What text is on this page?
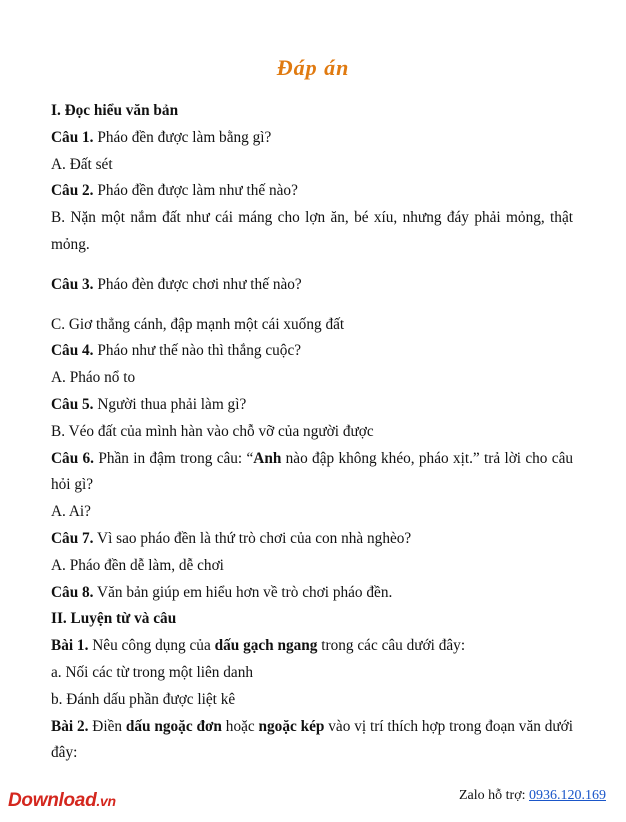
Đáp án

I. Đọc hiểu văn bản

Câu 1. Pháo đền được làm bằng gì?

A. Đất sét

Câu 2. Pháo đền được làm như thế nào?

B. Nặn một nắm đất như cái máng cho lợn ăn, bé xíu, nhưng đáy phải mỏng, thật mỏng.

Câu 3. Pháo đèn được chơi như thế nào?

C. Giơ thẳng cánh, đập mạnh một cái xuống đất

Câu 4. Pháo như thế nào thì thắng cuộc?

A. Pháo nổ to

Câu 5. Người thua phải làm gì?

B. Véo đất của mình hàn vào chỗ vỡ của người được

Câu 6. Phần in đậm trong câu: “Anh nào đập không khéo, pháo xịt.” trả lời cho câu hỏi gì?

A. Ai?

Câu 7. Vì sao pháo đền là thứ trò chơi của con nhà nghèo?

A. Pháo đền dễ làm, dễ chơi

Câu 8. Văn bản giúp em hiểu hơn về trò chơi pháo đền.

II. Luyện từ và câu

Bài 1. Nêu công dụng của dấu gạch ngang trong các câu dưới đây:

a. Nối các từ trong một liên danh

b. Đánh dấu phần được liệt kê

Bài 2. Điền dấu ngoặc đơn hoặc ngoặc kép vào vị trí thích hợp trong đoạn văn dưới đây:

Download.vn	Zalo hỗ trợ: 0936.120.169
